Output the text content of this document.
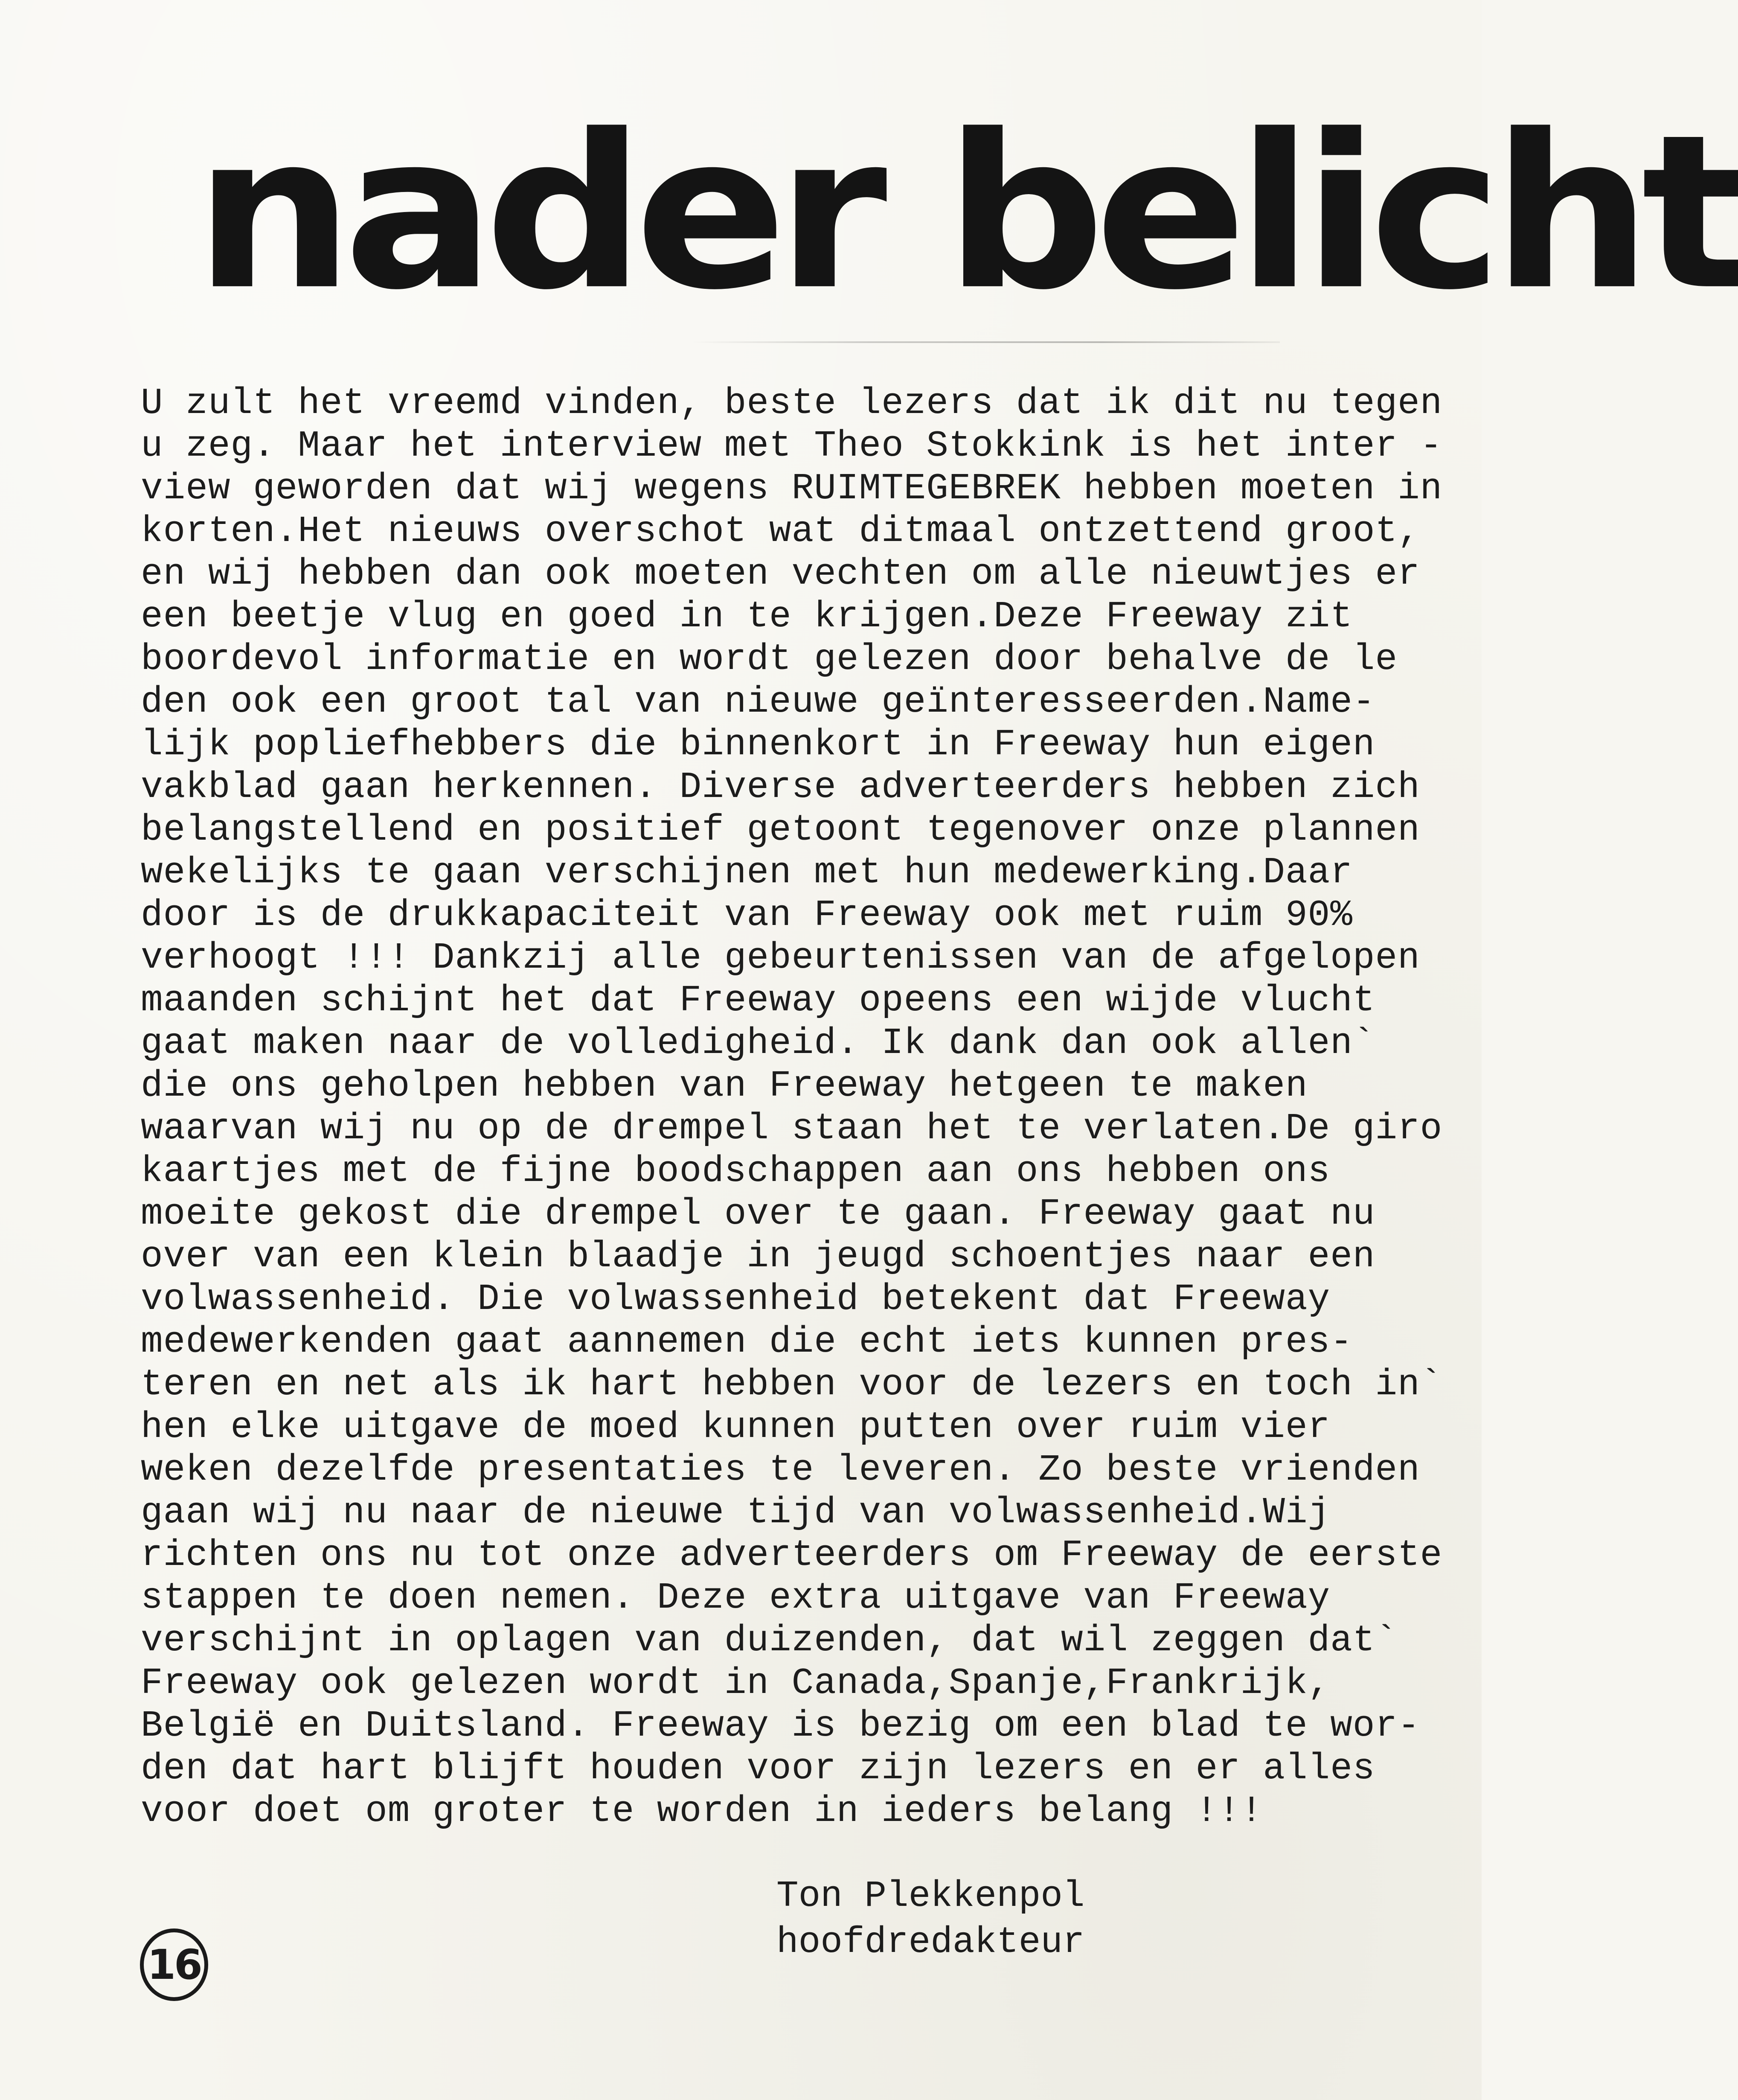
nader belicht
U zult het vreemd vinden, beste lezers dat ik dit nu tegen
u zeg. Maar het interview met Theo Stokkink is het inter -
view geworden dat wij wegens RUIMTEGEBREK hebben moeten in
korten.Het nieuws overschot wat ditmaal ontzettend groot,
en wij hebben dan ook moeten vechten om alle nieuwtjes er
een beetje vlug en goed in te krijgen.Deze Freeway zit
boordevol informatie en wordt gelezen door behalve de le
den ook een groot tal van nieuwe geïnteresseerden.Name-
lijk popliefhebbers die binnenkort in Freeway hun eigen
vakblad gaan herkennen. Diverse adverteerders hebben zich
belangstellend en positief getoont tegenover onze plannen
wekelijks te gaan verschijnen met hun medewerking.Daar
door is de drukkapaciteit van Freeway ook met ruim 90%
verhoogt !!! Dankzij alle gebeurtenissen van de afgelopen
maanden schijnt het dat Freeway opeens een wijde vlucht
gaat maken naar de volledigheid. Ik dank dan ook allen`
die ons geholpen hebben van Freeway hetgeen te maken
waarvan wij nu op de drempel staan het te verlaten.De giro
kaartjes met de fijne boodschappen aan ons hebben ons
moeite gekost die drempel over te gaan. Freeway gaat nu
over van een klein blaadje in jeugd schoentjes naar een
volwassenheid. Die volwassenheid betekent dat Freeway
medewerkenden gaat aannemen die echt iets kunnen pres-
teren en net als ik hart hebben voor de lezers en toch in`
hen elke uitgave de moed kunnen putten over ruim vier
weken dezelfde presentaties te leveren. Zo beste vrienden
gaan wij nu naar de nieuwe tijd van volwassenheid.Wij
richten ons nu tot onze adverteerders om Freeway de eerste
stappen te doen nemen. Deze extra uitgave van Freeway
verschijnt in oplagen van duizenden, dat wil zeggen dat`
Freeway ook gelezen wordt in Canada,Spanje,Frankrijk,
België en Duitsland. Freeway is bezig om een blad te wor-
den dat hart blijft houden voor zijn lezers en er alles
voor doet om groter te worden in ieders belang !!!
Ton Plekkenpol
hoofdredakteur
16
